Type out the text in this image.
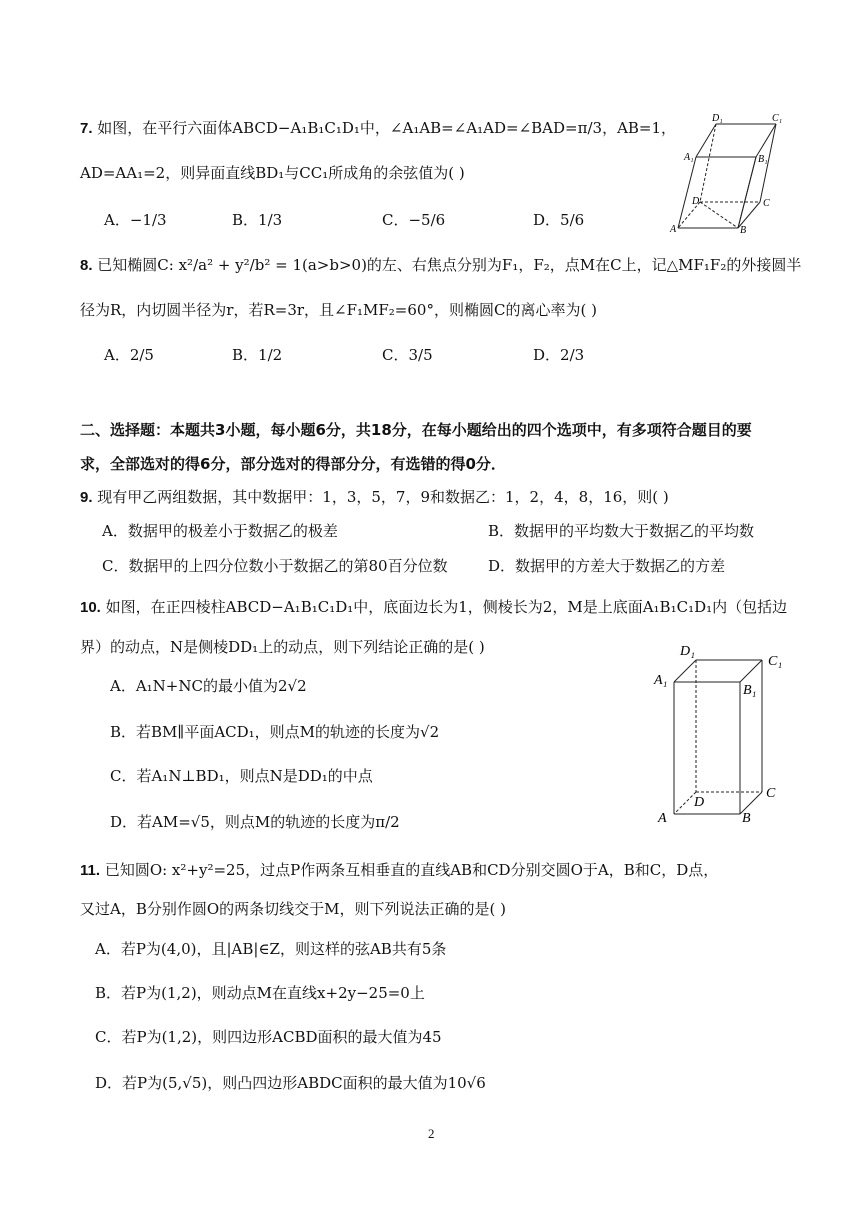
7. 如图，在平行六面体ABCD−A₁B₁C₁D₁中，∠A₁AB=∠A₁AD=∠BAD=π/3，AB=1，
AD=AA₁=2，则异面直线BD₁与CC₁所成角的余弦值为( )
A．−1/3	B．1/3	C．−5/6	D．5/6
D₁	C₁
A₁	B₁
D	C
A	B
8. 已知椭圆C: x²/a² + y²/b² = 1(a>b>0)的左、右焦点分别为F₁，F₂，点M在C上，记△MF₁F₂的外接圆半
径为R，内切圆半径为r，若R=3r，且∠F₁MF₂=60°，则椭圆C的离心率为( )
A．2/5	B．1/2	C．3/5	D．2/3
二、选择题：本题共3小题，每小题6分，共18分，在每小题给出的四个选项中，有多项符合题目的要
求，全部选对的得6分，部分选对的得部分分，有选错的得0分．
9. 现有甲乙两组数据，其中数据甲：1，3，5，7，9和数据乙：1，2，4，8，16，则( )
A．数据甲的极差小于数据乙的极差	B．数据甲的平均数大于数据乙的平均数
C．数据甲的上四分位数小于数据乙的第80百分位数	D．数据甲的方差大于数据乙的方差
10. 如图，在正四棱柱ABCD−A₁B₁C₁D₁中，底面边长为1，侧棱长为2，M是上底面A₁B₁C₁D₁内（包括边
界）的动点，N是侧棱DD₁上的动点，则下列结论正确的是( )
A．A₁N+NC的最小值为2√2
B．若BM∥平面ACD₁，则点M的轨迹的长度为√2
C．若A₁N⊥BD₁，则点N是DD₁的中点
D．若AM=√5，则点M的轨迹的长度为π/2
D₁
C₁
A₁
B₁
D
C
A	B
11. 已知圆O: x²+y²=25，过点P作两条互相垂直的直线AB和CD分别交圆O于A，B和C，D点，
又过A，B分别作圆O的两条切线交于M，则下列说法正确的是( )
A．若P为(4,0)，且|AB|∈Z，则这样的弦AB共有5条
B．若P为(1,2)，则动点M在直线x+2y−25=0上
C．若P为(1,2)，则四边形ACBD面积的最大值为45
D．若P为(5,√5)，则凸四边形ABDC面积的最大值为10√6
2
